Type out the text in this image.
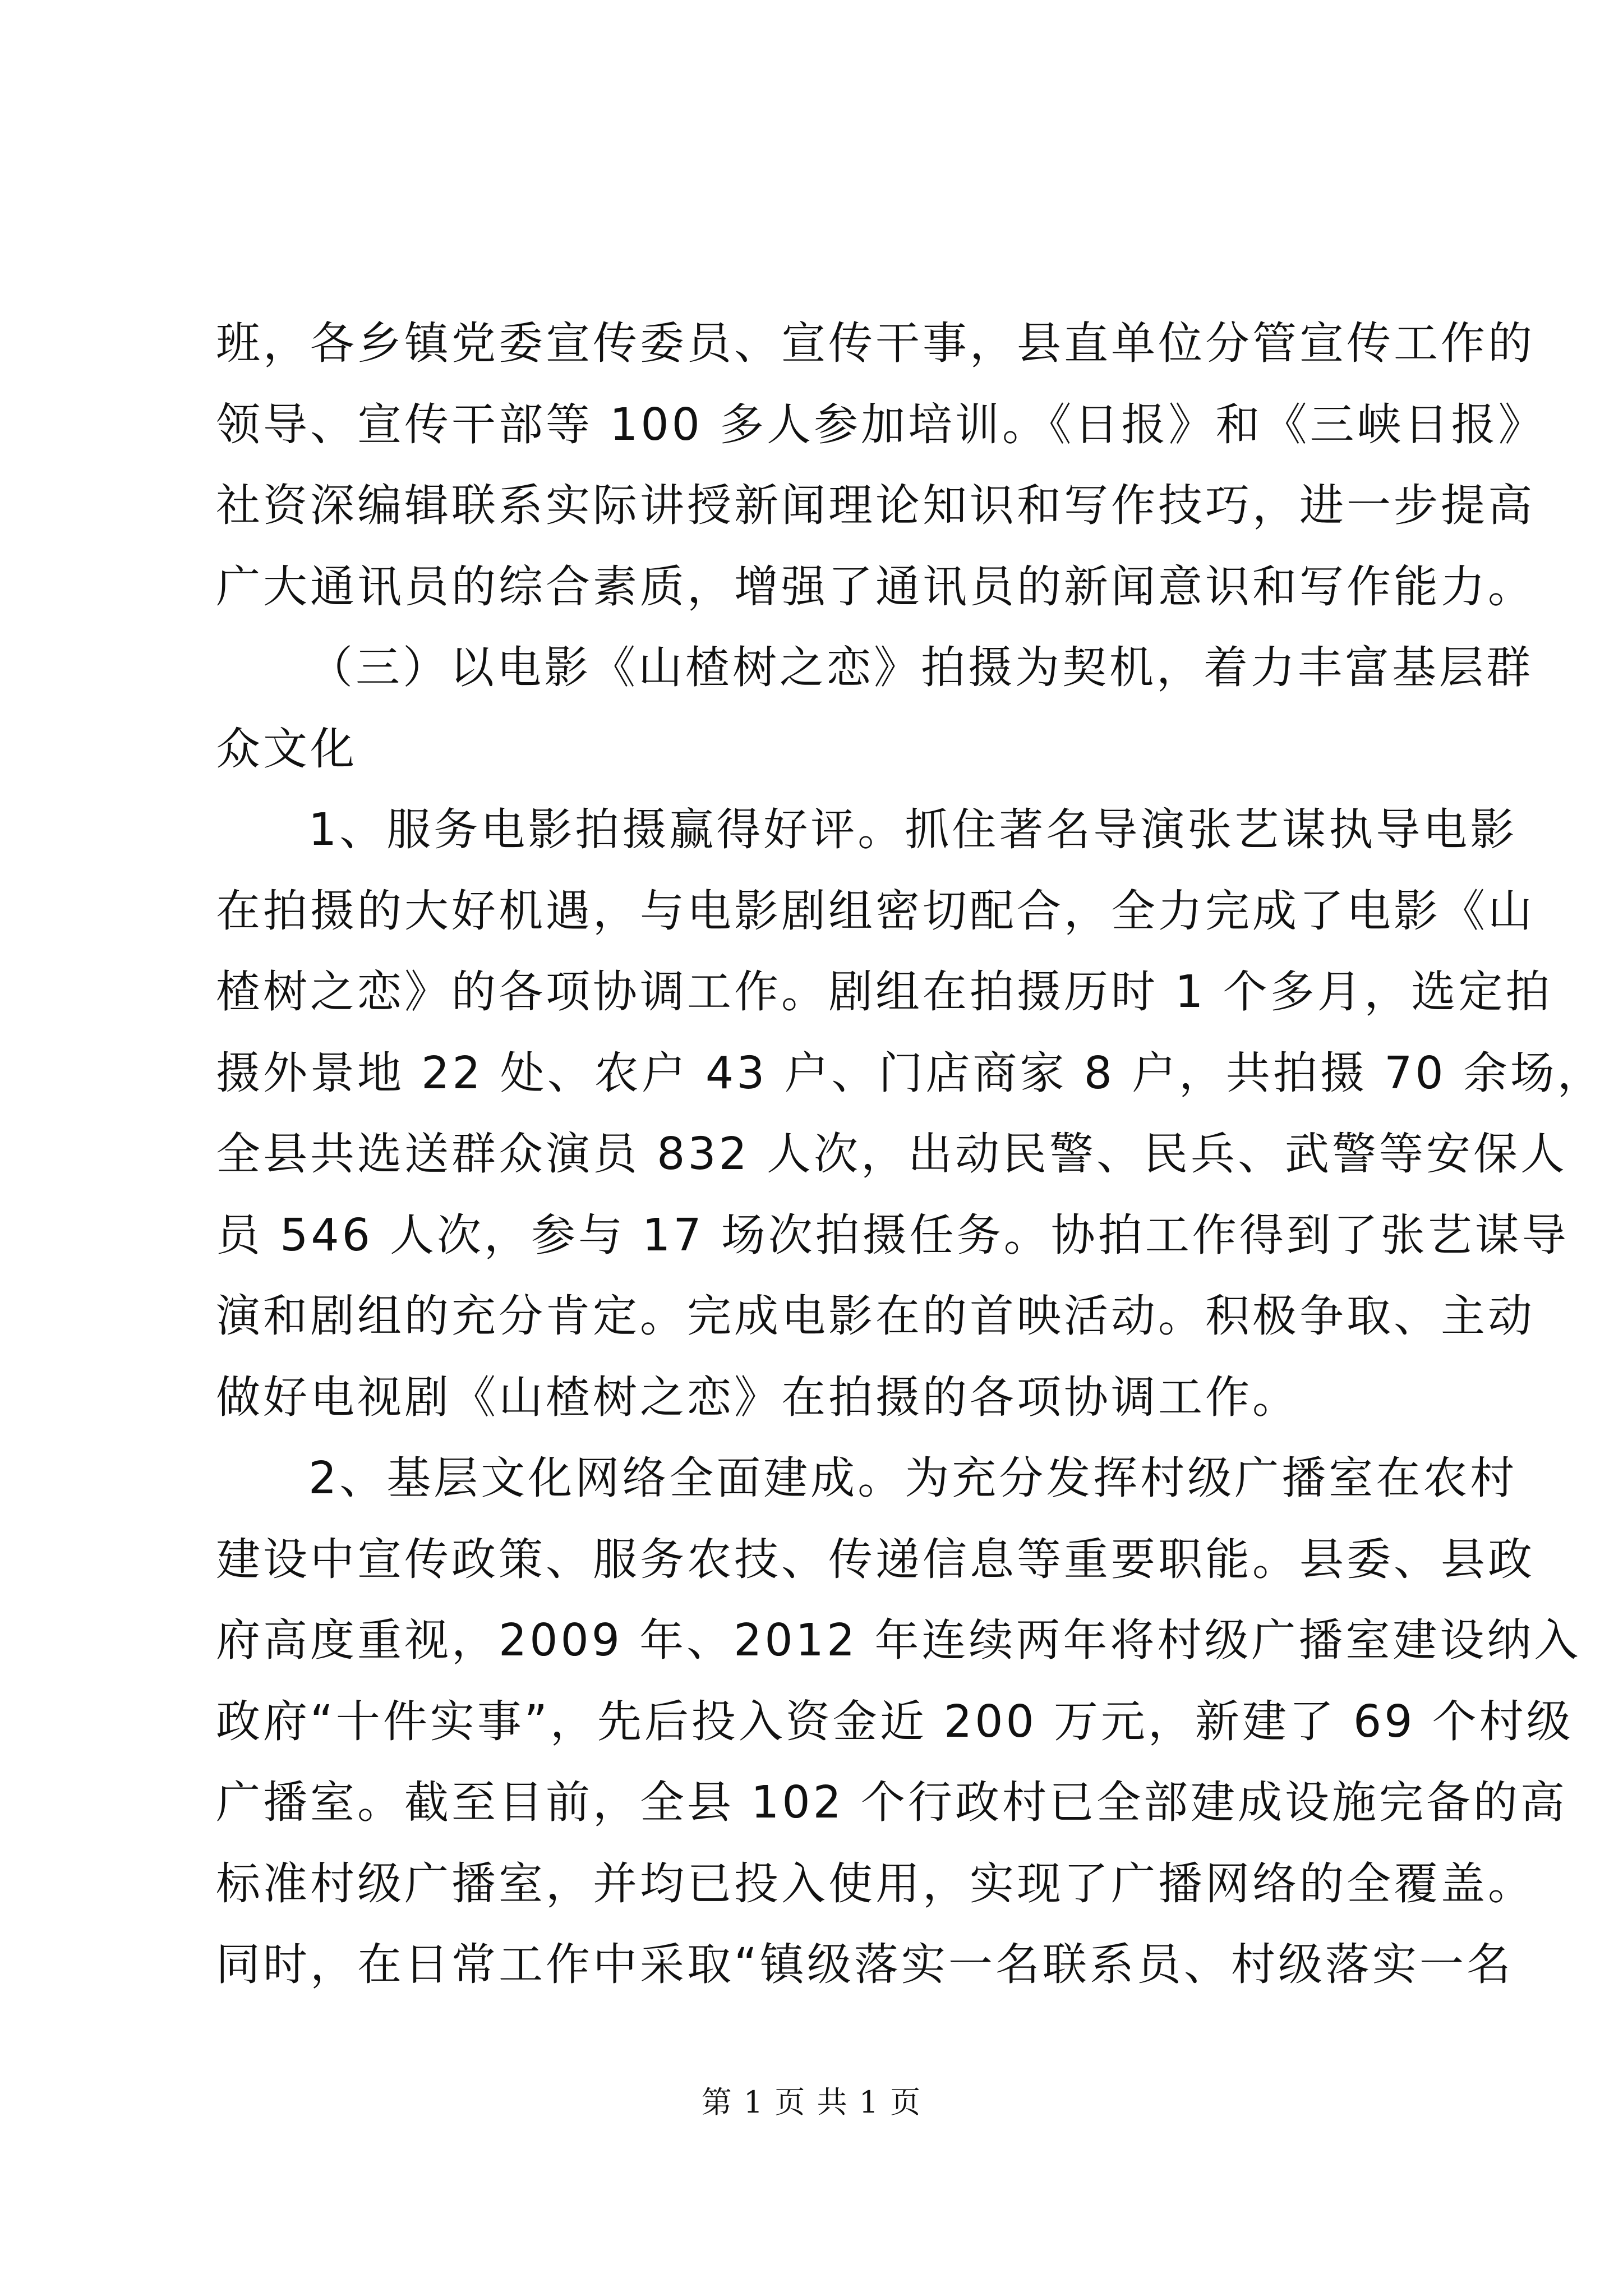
班，各乡镇党委宣传委员、宣传干事，县直单位分管宣传工作的
领导、宣传干部等 100 多人参加培训。《日报》和《三峡日报》
社资深编辑联系实际讲授新闻理论知识和写作技巧，进一步提高
广大通讯员的综合素质，增强了通讯员的新闻意识和写作能力。
（三）以电影《山楂树之恋》拍摄为契机，着力丰富基层群
众文化
1、服务电影拍摄赢得好评。抓住著名导演张艺谋执导电影
在拍摄的大好机遇，与电影剧组密切配合，全力完成了电影《山
楂树之恋》的各项协调工作。剧组在拍摄历时 1 个多月，选定拍
摄外景地 22 处、农户 43 户、门店商家 8 户，共拍摄 70 余场，
全县共选送群众演员 832 人次，出动民警、民兵、武警等安保人
员 546 人次，参与 17 场次拍摄任务。协拍工作得到了张艺谋导
演和剧组的充分肯定。完成电影在的首映活动。积极争取、主动
做好电视剧《山楂树之恋》在拍摄的各项协调工作。
2、基层文化网络全面建成。为充分发挥村级广播室在农村
建设中宣传政策、服务农技、传递信息等重要职能。县委、县政
府高度重视，2009 年、2012 年连续两年将村级广播室建设纳入
政府“十件实事”，先后投入资金近 200 万元，新建了 69 个村级
广播室。截至目前，全县 102 个行政村已全部建成设施完备的高
标准村级广播室，并均已投入使用，实现了广播网络的全覆盖。
同时，在日常工作中采取“镇级落实一名联系员、村级落实一名
第 1 页 共 1 页
